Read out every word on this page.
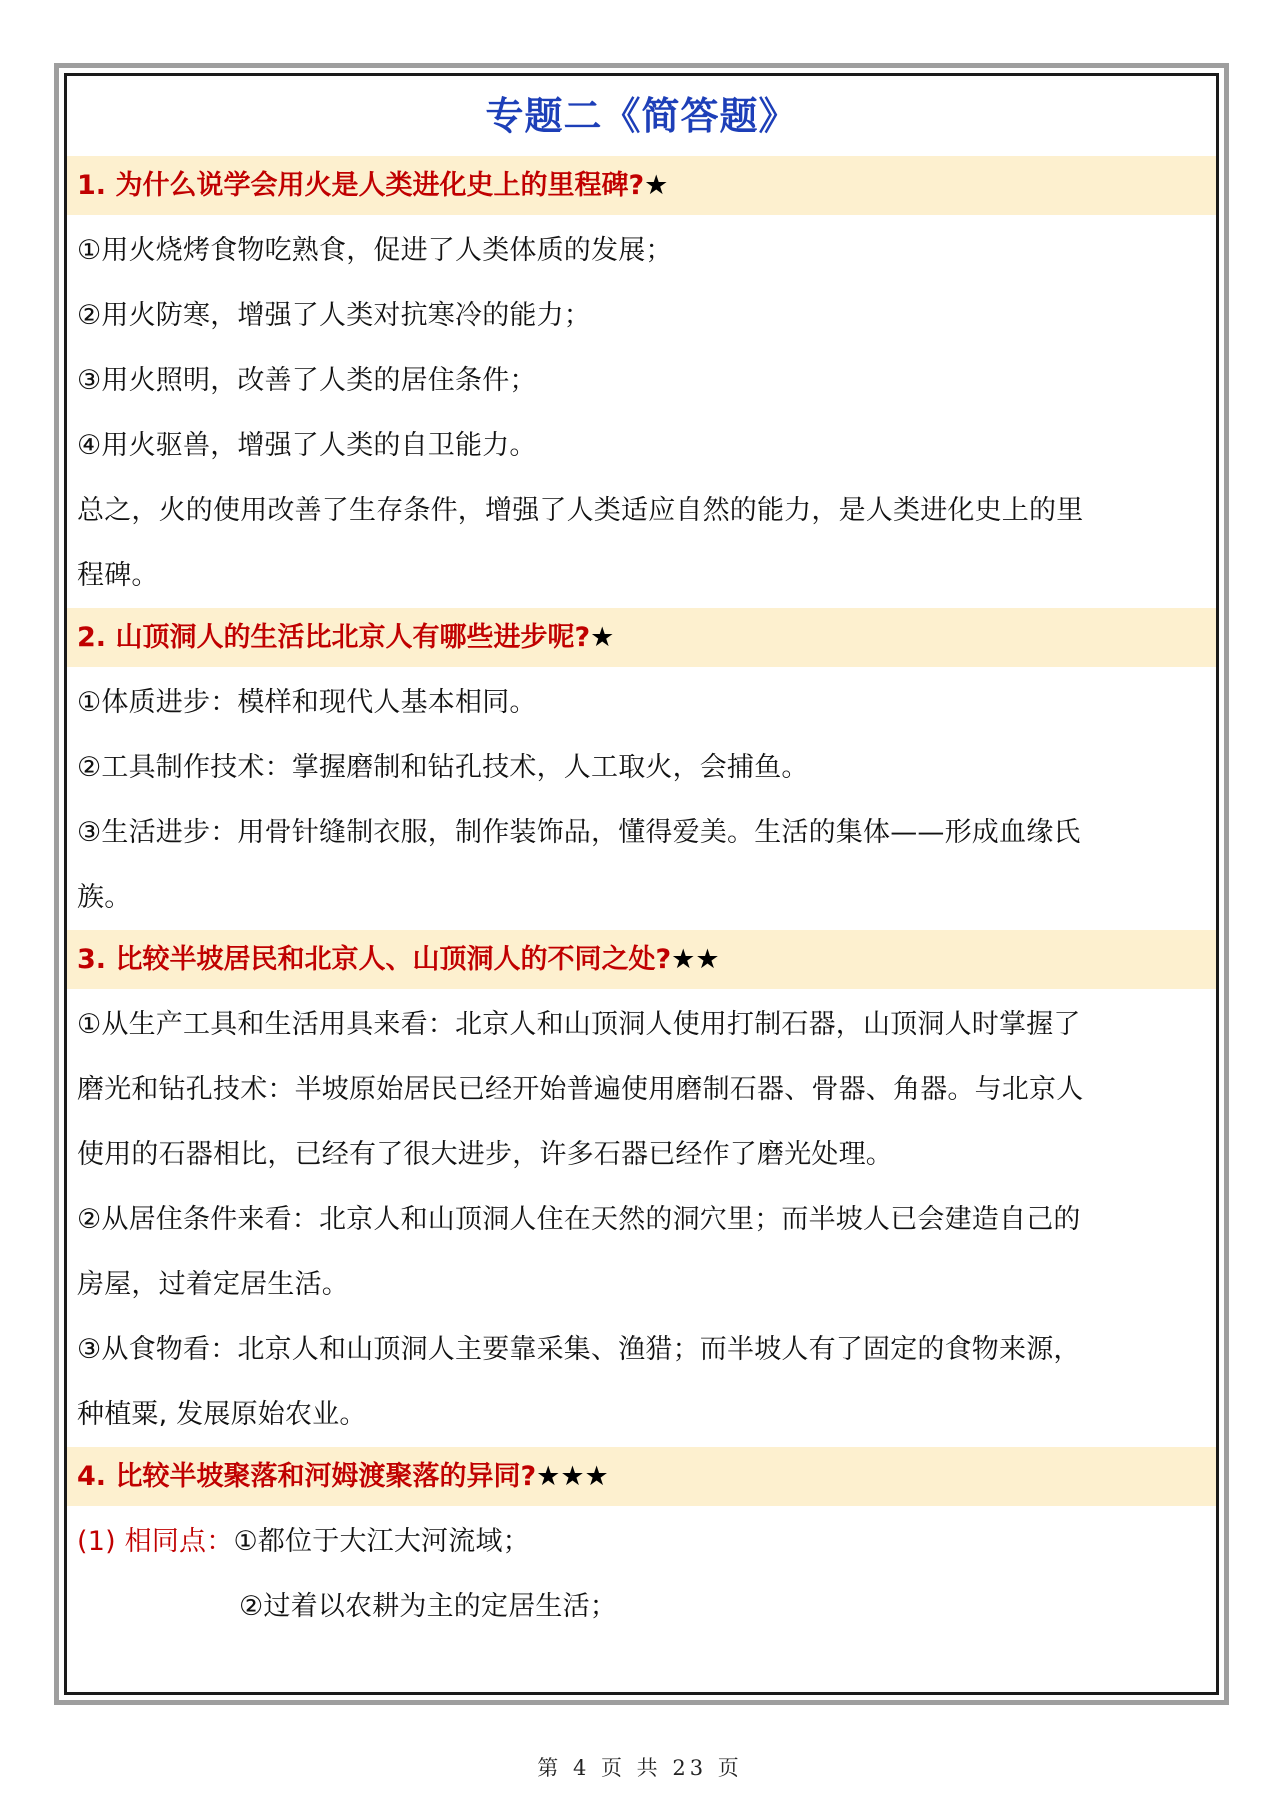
专题二《简答题》
1. 为什么说学会用火是人类进化史上的里程碑?★
①用火烧烤食物吃熟食，促进了人类体质的发展；
②用火防寒，增强了人类对抗寒冷的能力；
③用火照明，改善了人类的居住条件；
④用火驱兽，增强了人类的自卫能力。
总之，火的使用改善了生存条件，增强了人类适应自然的能力，是人类进化史上的里
程碑。
2. 山顶洞人的生活比北京人有哪些进步呢?★
①体质进步：模样和现代人基本相同。
②工具制作技术：掌握磨制和钻孔技术，人工取火，会捕鱼。
③生活进步：用骨针缝制衣服，制作装饰品，懂得爱美。生活的集体——形成血缘氏
族。
3. 比较半坡居民和北京人、山顶洞人的不同之处?★★
①从生产工具和生活用具来看：北京人和山顶洞人使用打制石器，山顶洞人时掌握了
磨光和钻孔技术：半坡原始居民已经开始普遍使用磨制石器、骨器、角器。与北京人
使用的石器相比，已经有了很大进步，许多石器已经作了磨光处理。
②从居住条件来看：北京人和山顶洞人住在天然的洞穴里；而半坡人已会建造自己的
房屋，过着定居生活。
③从食物看：北京人和山顶洞人主要靠采集、渔猎；而半坡人有了固定的食物来源，
种植粟, 发展原始农业。
4. 比较半坡聚落和河姆渡聚落的异同?★★★
(1) 相同点：①都位于大江大河流域；
②过着以农耕为主的定居生活；
第 4 页 共 23 页
